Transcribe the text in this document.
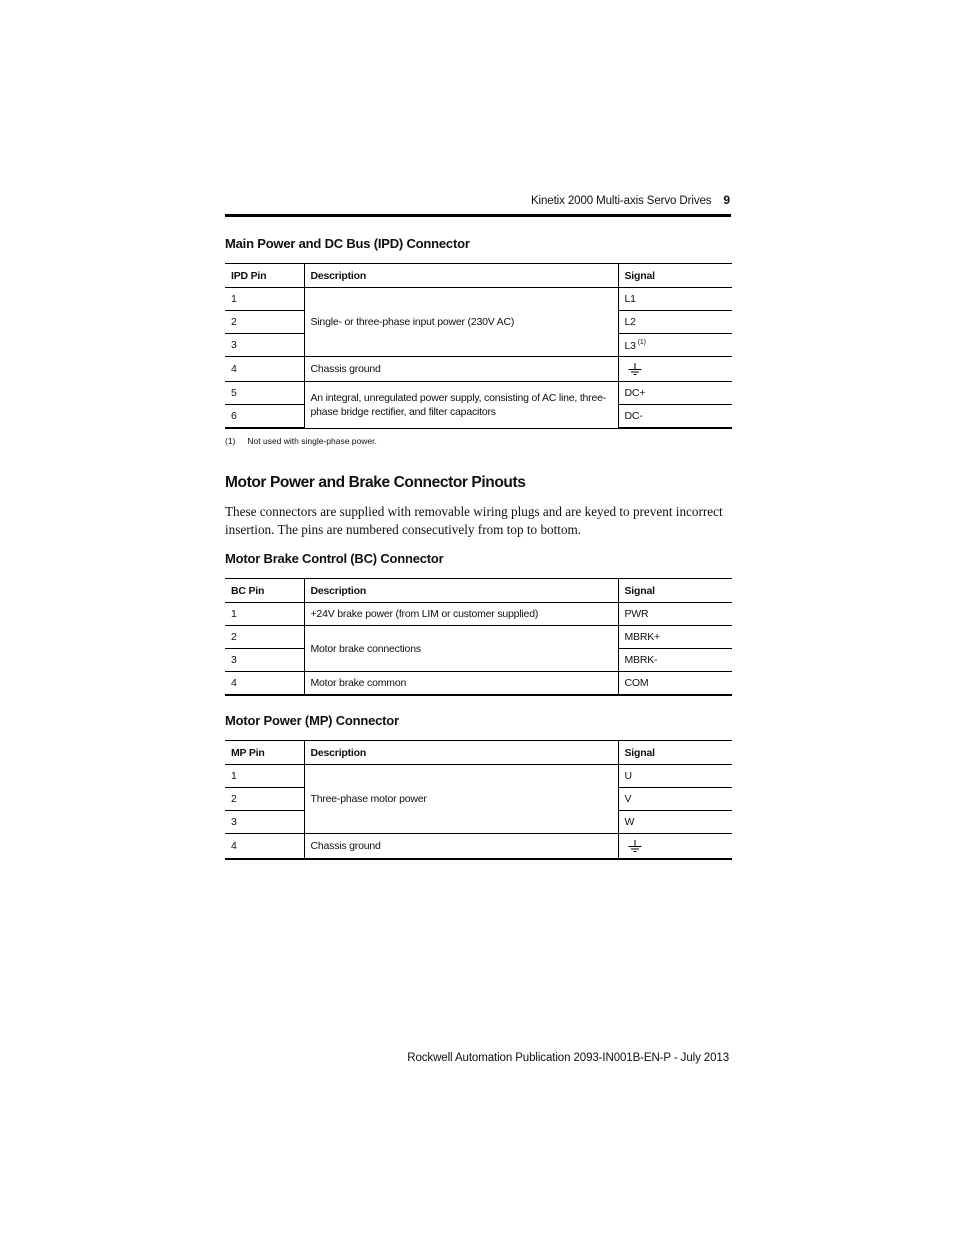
Kinetix 2000 Multi-axis Servo Drives 9
Main Power and DC Bus (IPD) Connector
IPD Pin	Description	Signal
1	Single- or three-phase input power (230V AC)	L1
2		L2
3		L3 $^{(1)}$
4	Chassis ground	
5	An integral, unregulated power supply, consisting of AC line, three-phase bridge rectifier, and filter capacitors	DC+
6		DC-
(1) Not used with single-phase power.
Motor Power and Brake Connector Pinouts
These connectors are supplied with removable wiring plugs and are keyed to prevent incorrect insertion. The pins are numbered consecutively from top to bottom.
Motor Brake Control (BC) Connector
BC Pin	Description	Signal
1	+24V brake power (from LIM or customer supplied)	PWR
2	Motor brake connections	MBRK+
3		MBRK-
4	Motor brake common	COM
Motor Power (MP) Connector
MP Pin	Description	Signal
1	Three-phase motor power	U
2		V
3		W
4	Chassis ground	
Rockwell Automation Publication 2093-IN001B-EN-P - July 2013
